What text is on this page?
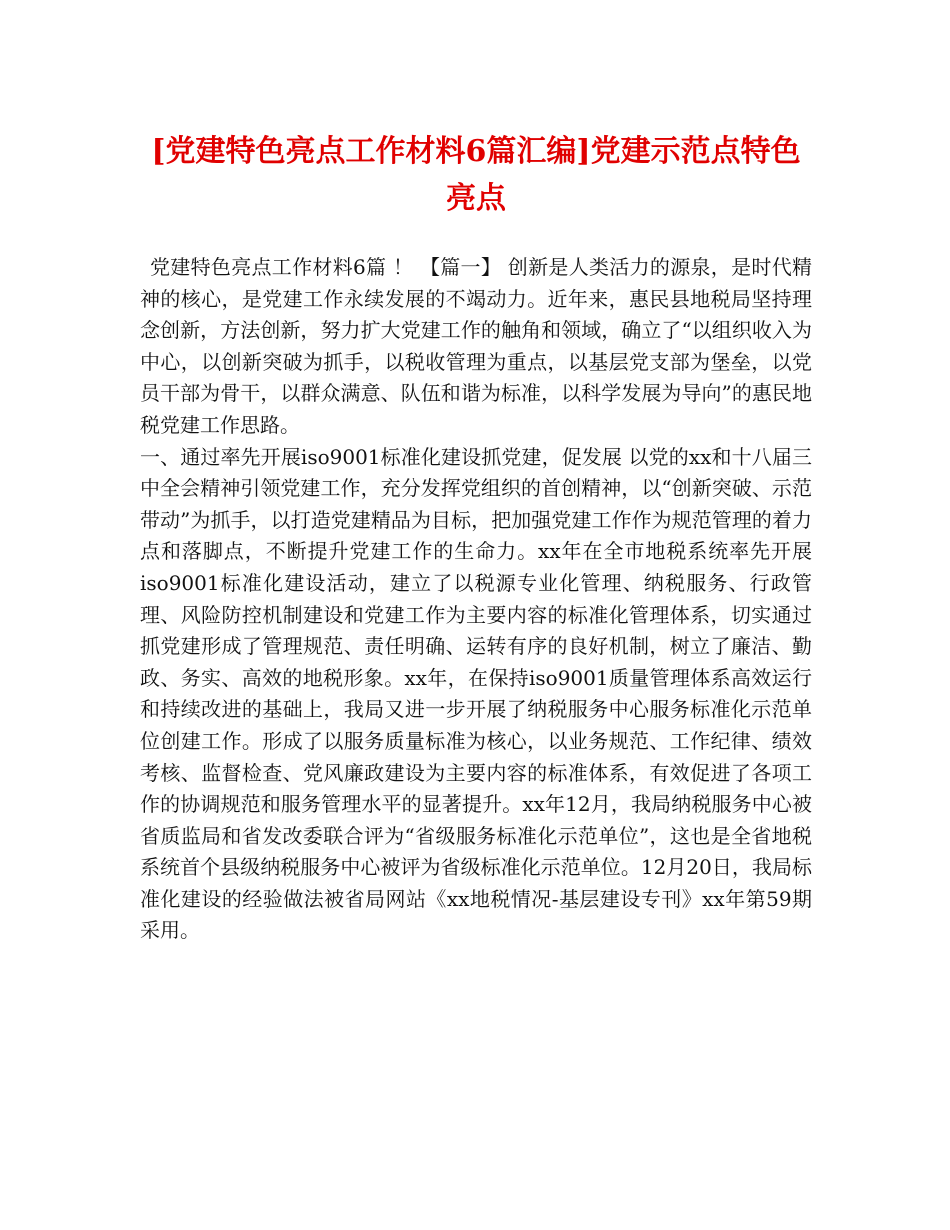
[党建特色亮点工作材料6篇汇编]党建示范点特色亮点

党建特色亮点工作材料6篇 ！ 【篇一】 创新是人类活力的源泉，是时代精神的核心，是党建工作永续发展的不竭动力。近年来，惠民县地税局坚持理念创新，方法创新，努力扩大党建工作的触角和领域，确立了“以组织收入为中心，以创新突破为抓手，以税收管理为重点，以基层党支部为堡垒，以党员干部为骨干，以群众满意、队伍和谐为标准，以科学发展为导向”的惠民地税党建工作思路。

一、通过率先开展iso9001标准化建设抓党建，促发展 以党的xx和十八届三中全会精神引领党建工作，充分发挥党组织的首创精神，以“创新突破、示范带动”为抓手，以打造党建精品为目标，把加强党建工作作为规范管理的着力点和落脚点，不断提升党建工作的生命力。xx年在全市地税系统率先开展iso9001标准化建设活动，建立了以税源专业化管理、纳税服务、行政管理、风险防控机制建设和党建工作为主要内容的标准化管理体系，切实通过抓党建形成了管理规范、责任明确、运转有序的良好机制，树立了廉洁、勤政、务实、高效的地税形象。xx年，在保持iso9001质量管理体系高效运行和持续改进的基础上，我局又进一步开展了纳税服务中心服务标准化示范单位创建工作。形成了以服务质量标准为核心，以业务规范、工作纪律、绩效考核、监督检查、党风廉政建设为主要内容的标准体系，有效促进了各项工作的协调规范和服务管理水平的显著提升。xx年12月，我局纳税服务中心被省质监局和省发改委联合评为“省级服务标准化示范单位”，这也是全省地税系统首个县级纳税服务中心被评为省级标准化示范单位。12月20日，我局标准化建设的经验做法被省局网站《xx地税情况-基层建设专刊》xx年第59期采用。
